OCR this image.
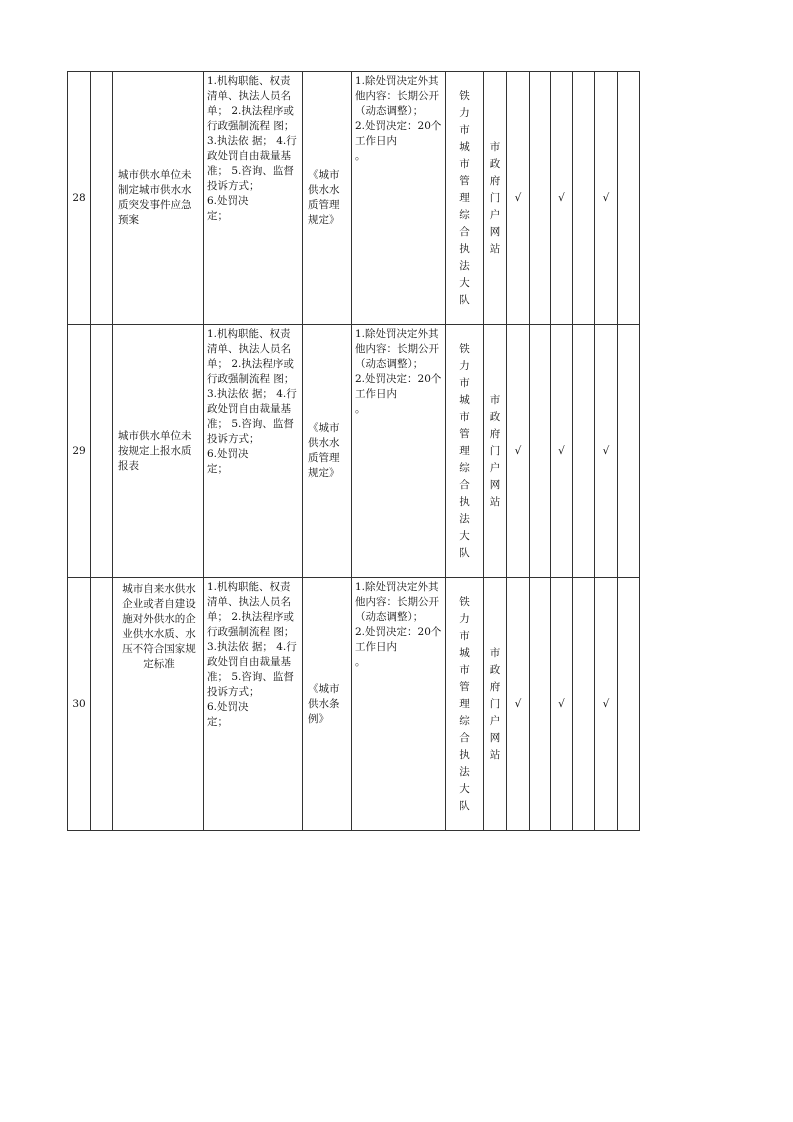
28		城市供水单位未制定城市供水水质突发事件应急预案	1.机构职能、权责清单、执法人员名单； 2.执法程序或行政强制流程 图； 3.执法依 据； 4.行政处罚自由裁量基准； 5.咨询、监督投诉方式；
6.处罚决
定；	《城市供水水质管理规定》	1.除处罚决定外其他内容：长期公开
（动态调整）；
2.处罚决定：20个工作日内
。	铁力市城市管理综合执法大队	市政府门户网站	√		√		√	
29		城市供水单位未按规定上报水质报表	1.机构职能、权责清单、执法人员名单； 2.执法程序或行政强制流程 图； 3.执法依 据； 4.行政处罚自由裁量基准； 5.咨询、监督投诉方式；
6.处罚决
定；	《城市供水水质管理规定》	1.除处罚决定外其他内容：长期公开
（动态调整）；
2.处罚决定：20个工作日内
。	铁力市城市管理综合执法大队	市政府门户网站	√		√		√	
30		城市自来水供水企业或者自建设施对外供水的企业供水水质、水压不符合国家规定标准	1.机构职能、权责清单、执法人员名单； 2.执法程序或行政强制流程 图； 3.执法依 据； 4.行政处罚自由裁量基准； 5.咨询、监督投诉方式；
6.处罚决
定；	《城市供水条例》	1.除处罚决定外其他内容：长期公开
（动态调整）；
2.处罚决定：20个工作日内
。	铁力市城市管理综合执法大队	市政府门户网站	√		√		√	
